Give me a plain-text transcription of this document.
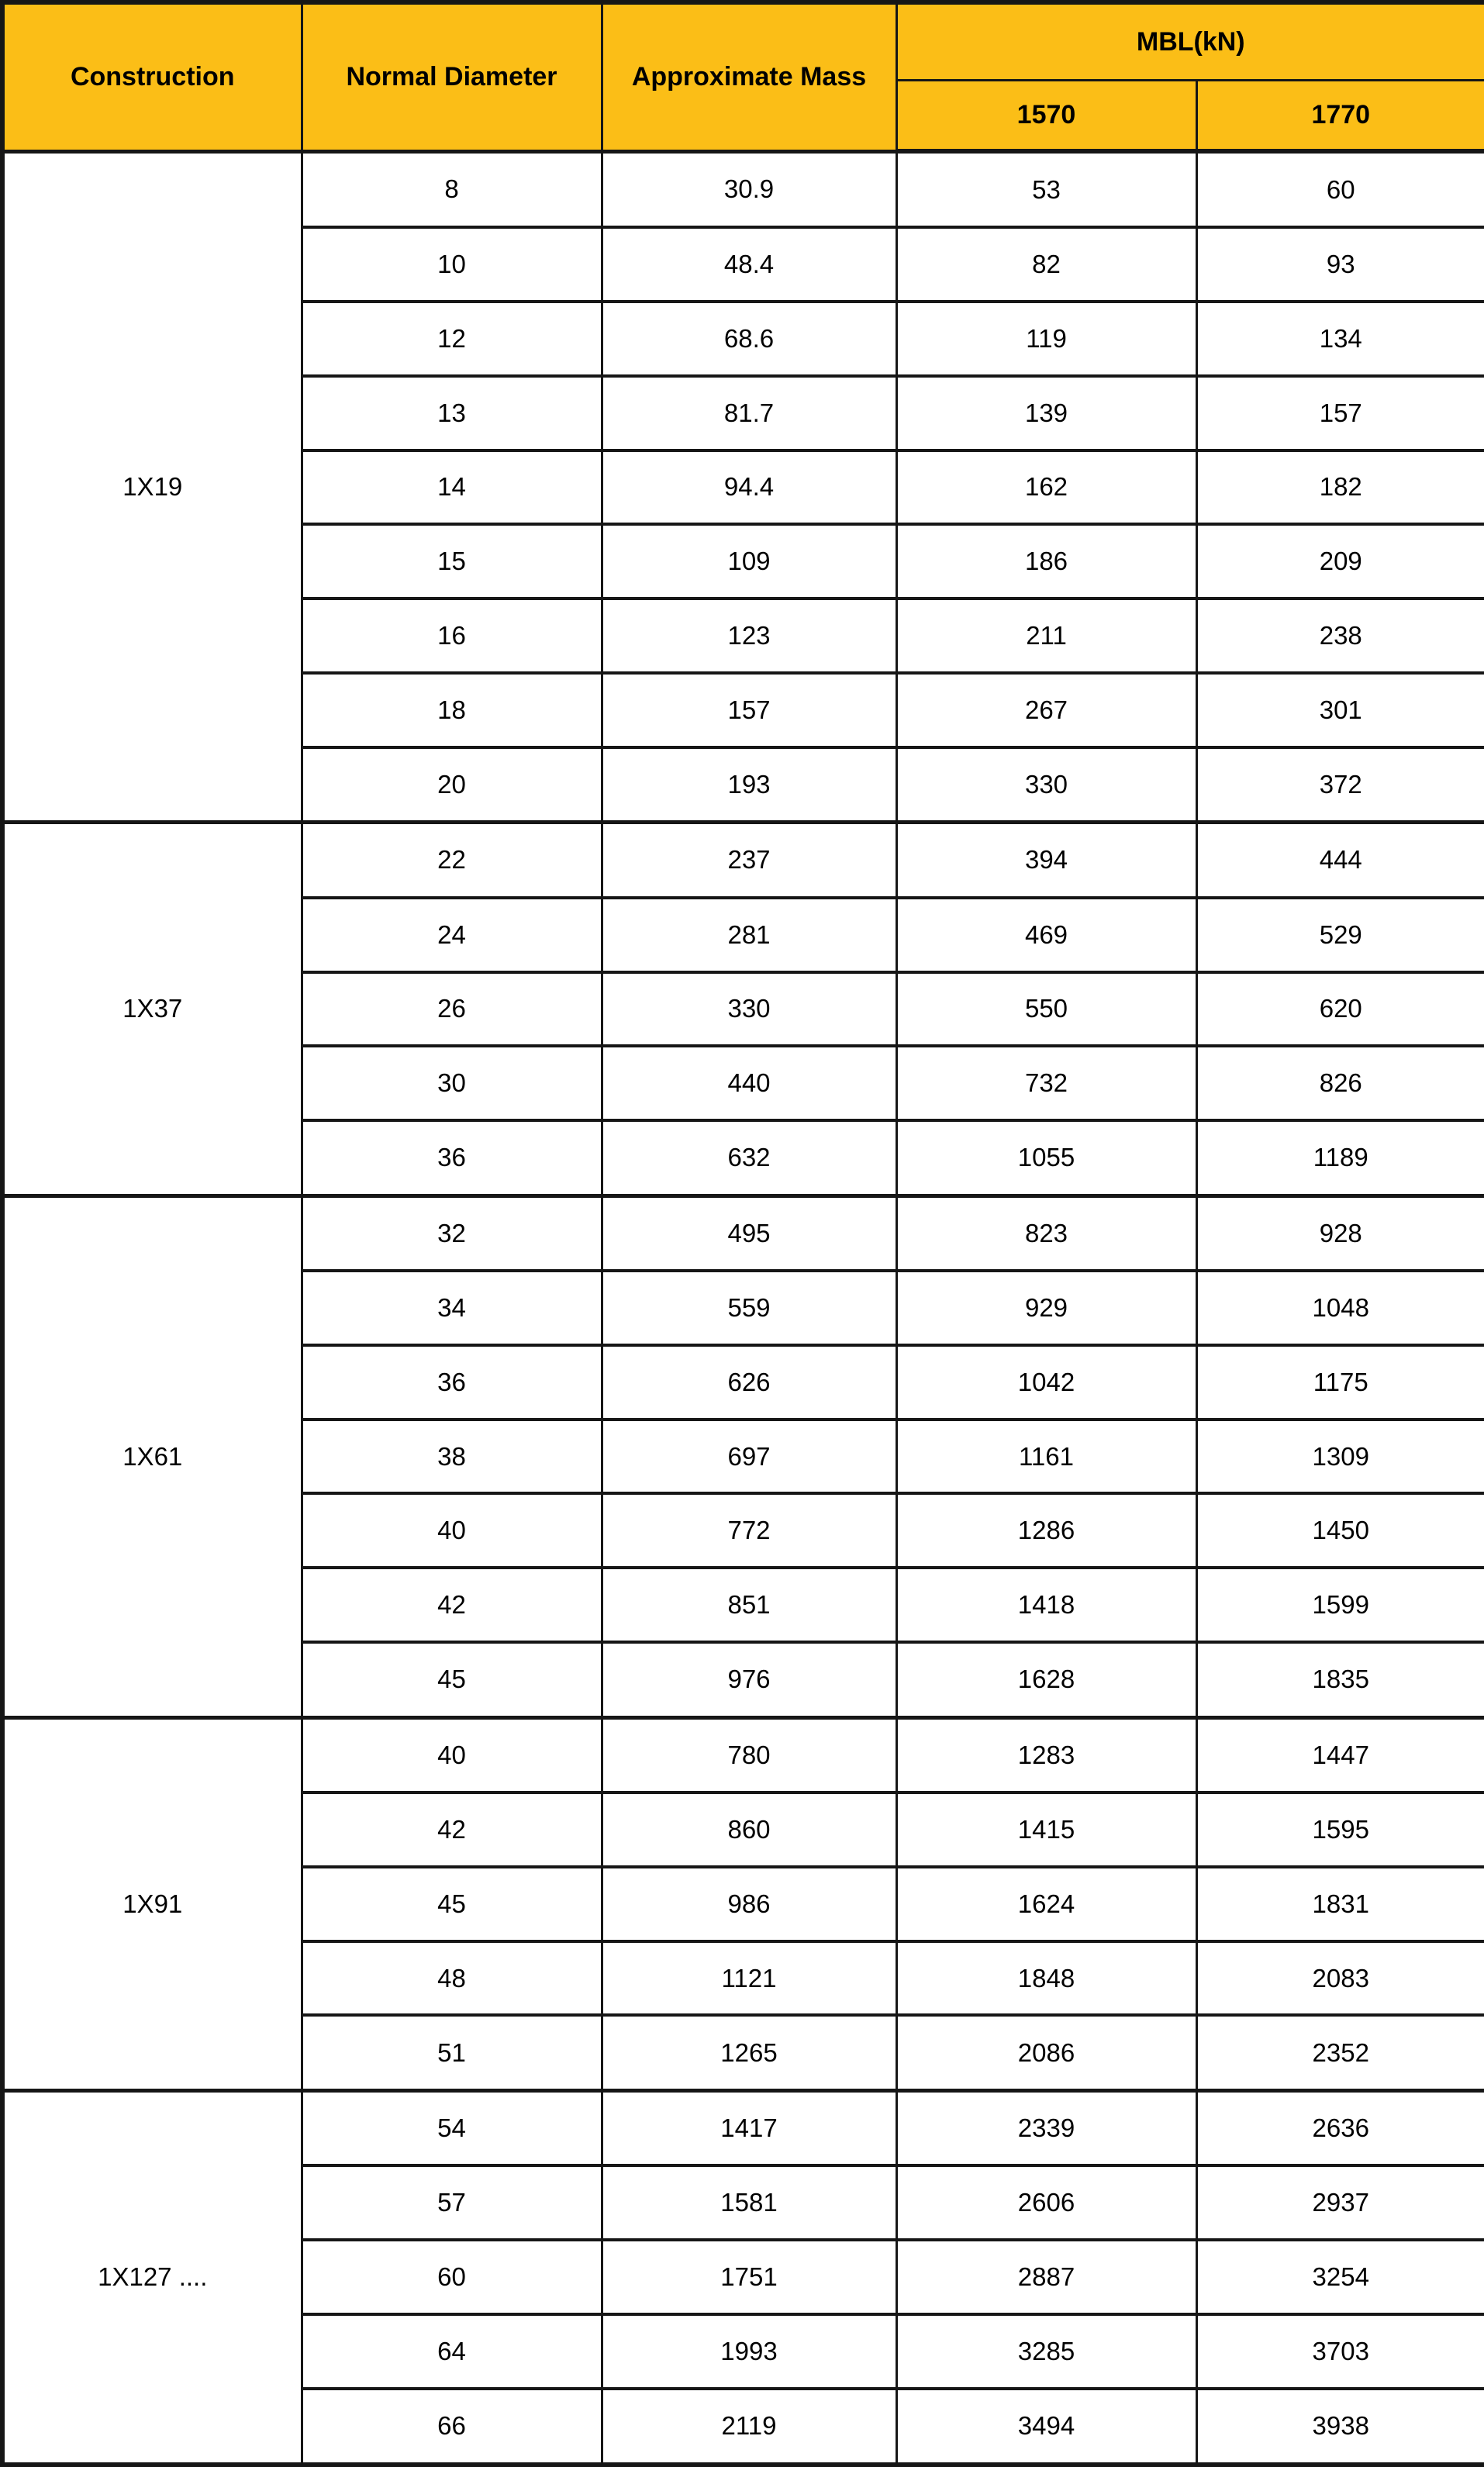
Construction	Normal Diameter	Approximate Mass	MBL(kN)	
			1570	1770
1X19	8	30.9	53	60
	10	48.4	82	93
	12	68.6	119	134
	13	81.7	139	157
	14	94.4	162	182
	15	109	186	209
	16	123	211	238
	18	157	267	301
	20	193	330	372
1X37	22	237	394	444
	24	281	469	529
	26	330	550	620
	30	440	732	826
	36	632	1055	1189
1X61	32	495	823	928
	34	559	929	1048
	36	626	1042	1175
	38	697	1161	1309
	40	772	1286	1450
	42	851	1418	1599
	45	976	1628	1835
1X91	40	780	1283	1447
	42	860	1415	1595
	45	986	1624	1831
	48	1121	1848	2083
	51	1265	2086	2352
1X127 ....	54	1417	2339	2636
	57	1581	2606	2937
	60	1751	2887	3254
	64	1993	3285	3703
	66	2119	3494	3938
